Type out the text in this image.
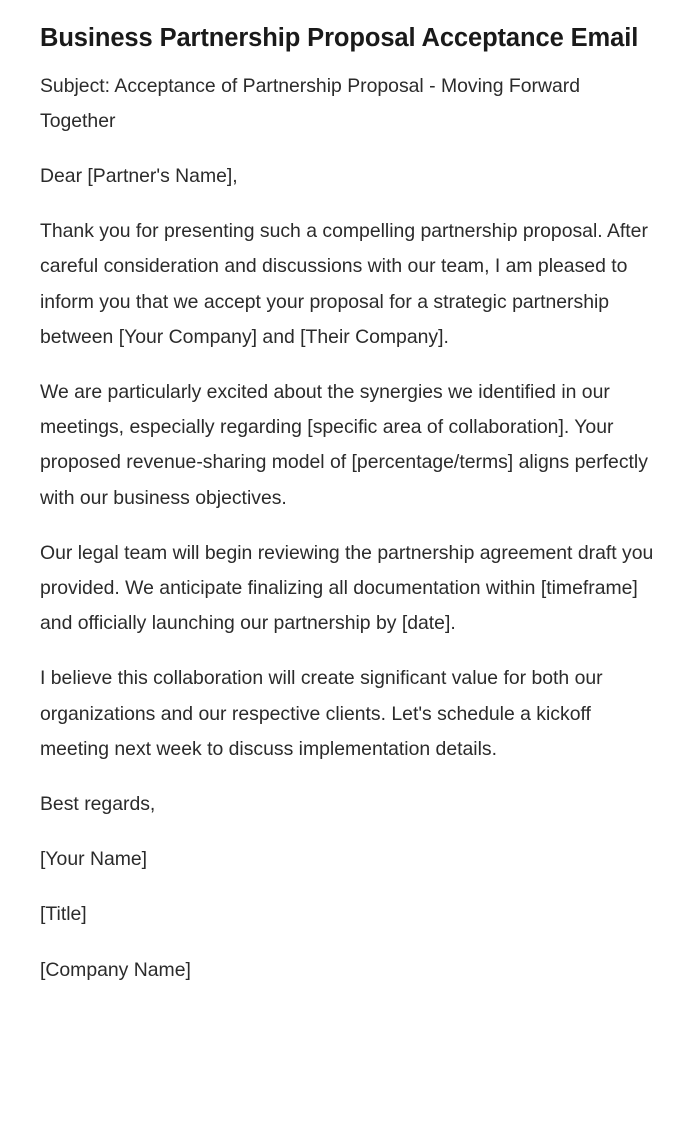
Business Partnership Proposal Acceptance Email

Subject: Acceptance of Partnership Proposal - Moving Forward Together

Dear [Partner's Name],

Thank you for presenting such a compelling partnership proposal. After careful consideration and discussions with our team, I am pleased to inform you that we accept your proposal for a strategic partnership between [Your Company] and [Their Company].

We are particularly excited about the synergies we identified in our meetings, especially regarding [specific area of collaboration]. Your proposed revenue-sharing model of [percentage/terms] aligns perfectly with our business objectives.

Our legal team will begin reviewing the partnership agreement draft you provided. We anticipate finalizing all documentation within [timeframe] and officially launching our partnership by [date].

I believe this collaboration will create significant value for both our organizations and our respective clients. Let's schedule a kickoff meeting next week to discuss implementation details.

Best regards,

[Your Name]

[Title]

[Company Name]
